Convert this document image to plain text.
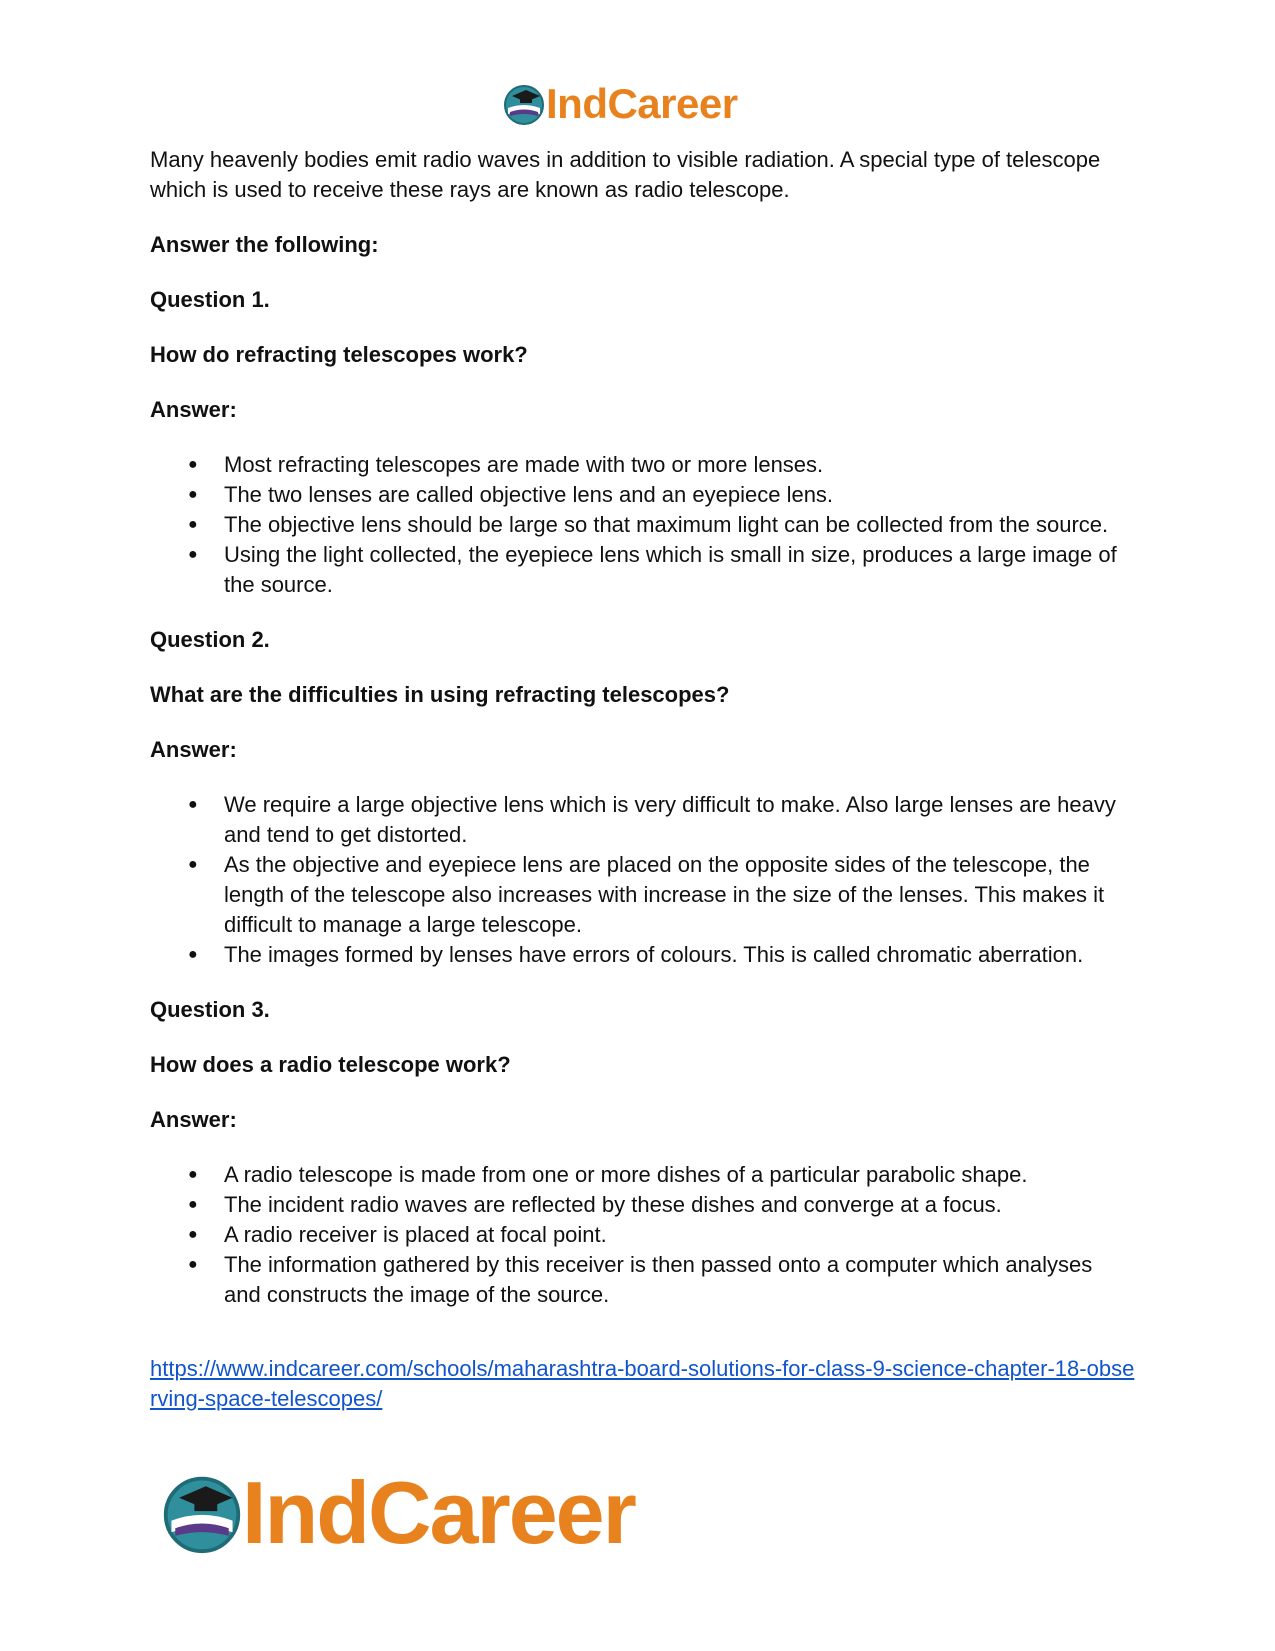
IndCareer

Many heavenly bodies emit radio waves in addition to visible radiation. A special type of telescope which is used to receive these rays are known as radio telescope.

Answer the following:

Question 1.

How do refracting telescopes work?

Answer:

● Most refracting telescopes are made with two or more lenses.
● The two lenses are called objective lens and an eyepiece lens.
● The objective lens should be large so that maximum light can be collected from the source.
● Using the light collected, the eyepiece lens which is small in size, produces a large image of the source.

Question 2.

What are the difficulties in using refracting telescopes?

Answer:

● We require a large objective lens which is very difficult to make. Also large lenses are heavy and tend to get distorted.
● As the objective and eyepiece lens are placed on the opposite sides of the telescope, the length of the telescope also increases with increase in the size of the lenses. This makes it difficult to manage a large telescope.
● The images formed by lenses have errors of colours. This is called chromatic aberration.

Question 3.

How does a radio telescope work?

Answer:

● A radio telescope is made from one or more dishes of a particular parabolic shape.
● The incident radio waves are reflected by these dishes and converge at a focus.
● A radio receiver is placed at focal point.
● The information gathered by this receiver is then passed onto a computer which analyses and constructs the image of the source.
https://www.indcareer.com/schools/maharashtra-board-solutions-for-class-9-science-chapter-18-observing-space-telescopes/
IndCareer
